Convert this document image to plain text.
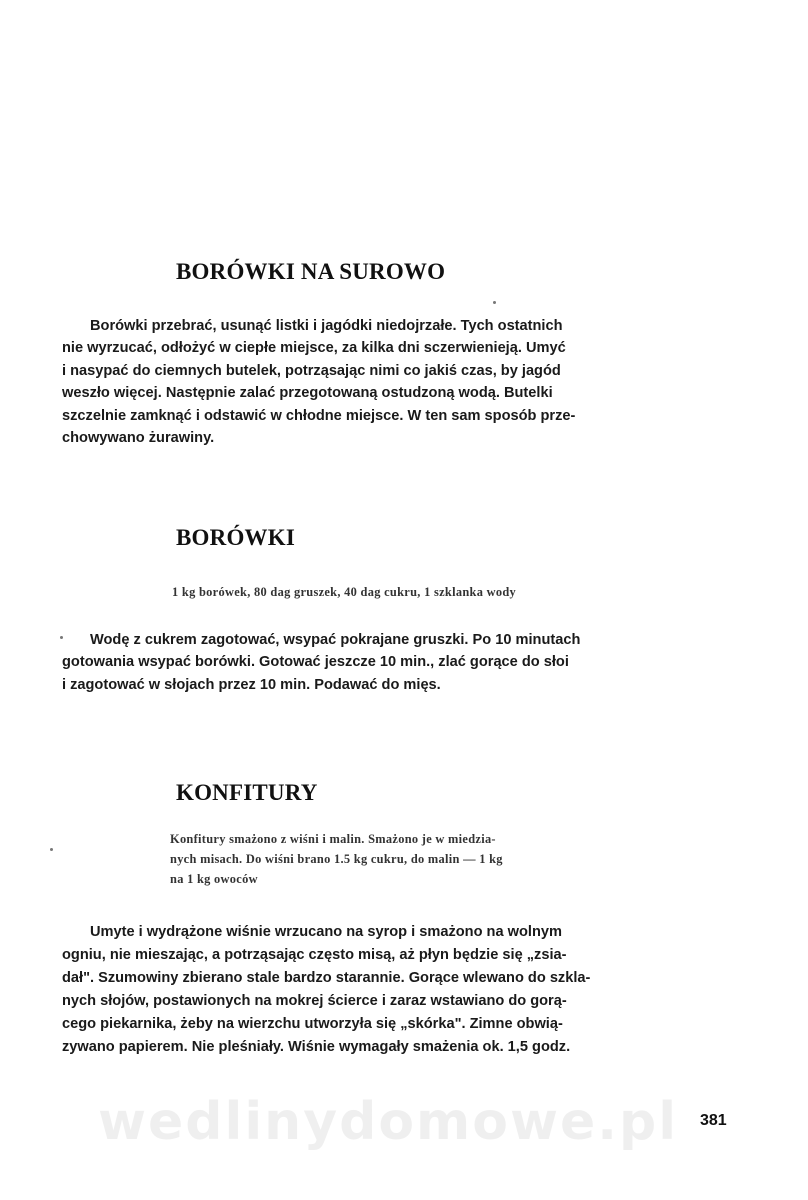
BORÓWKI NA SUROWO
Borówki przebrać, usunąć listki i jagódki niedojrzałe. Tych ostatnich
nie wyrzucać, odłożyć w ciepłe miejsce, za kilka dni sczerwienieją. Umyć
i nasypać do ciemnych butelek, potrząsając nimi co jakiś czas, by jagód
weszło więcej. Następnie zalać przegotowaną ostudzoną wodą. Butelki
szczelnie zamknąć i odstawić w chłodne miejsce. W ten sam sposób prze-
chowywano żurawiny.
BORÓWKI
1 kg borówek, 80 dag gruszek, 40 dag cukru, 1 szklanka wody
Wodę z cukrem zagotować, wsypać pokrajane gruszki. Po 10 minutach
gotowania wsypać borówki. Gotować jeszcze 10 min., zlać gorące do słoi
i zagotować w słojach przez 10 min. Podawać do mięs.
KONFITURY
Konfitury smażono z wiśni i malin. Smażono je w miedzia-
nych misach. Do wiśni brano 1.5 kg cukru, do malin — 1 kg
na 1 kg owoców
Umyte i wydrążone wiśnie wrzucano na syrop i smażono na wolnym
ogniu, nie mieszając, a potrząsając często misą, aż płyn będzie się „zsia-
dał". Szumowiny zbierano stale bardzo starannie. Gorące wlewano do szkla-
nych słojów, postawionych na mokrej ścierce i zaraz wstawiano do gorą-
cego piekarnika, żeby na wierzchu utworzyła się „skórka". Zimne obwią-
zywano papierem. Nie pleśniały. Wiśnie wymagały smażenia ok. 1,5 godz.
wedlinydomowe.pl 381
